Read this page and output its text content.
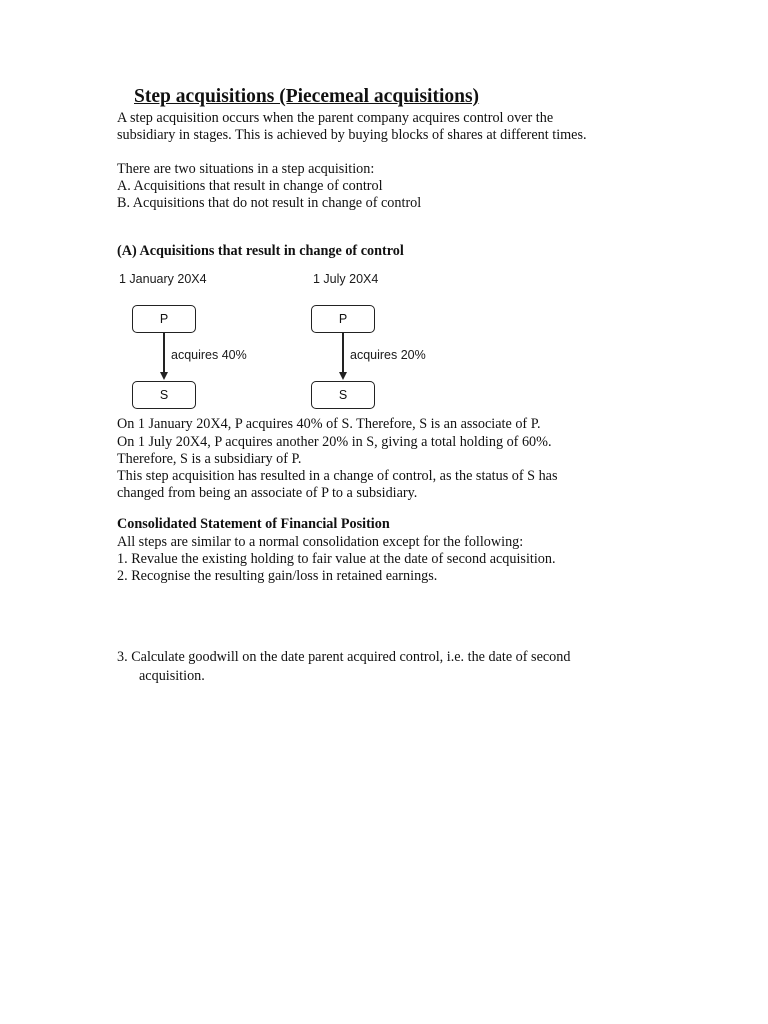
Step acquisitions (Piecemeal acquisitions)
A step acquisition occurs when the parent company acquires control over the
subsidiary in stages. This is achieved by buying blocks of shares at different times.
There are two situations in a step acquisition:
A. Acquisitions that result in change of control
B. Acquisitions that do not result in change of control
(A) Acquisitions that result in change of control
1 January 20X4
P
acquires 40%
S
1 July 20X4
P
acquires 20%
S
On 1 January 20X4, P acquires 40% of S. Therefore, S is an associate of P.
On 1 July 20X4, P acquires another 20% in S, giving a total holding of 60%.
Therefore, S is a subsidiary of P.
This step acquisition has resulted in a change of control, as the status of S has
changed from being an associate of P to a subsidiary.
Consolidated Statement of Financial Position
All steps are similar to a normal consolidation except for the following:
1. Revalue the existing holding to fair value at the date of second acquisition.
2. Recognise the resulting gain/loss in retained earnings.
3. Calculate goodwill on the date parent acquired control, i.e. the date of second
acquisition.
